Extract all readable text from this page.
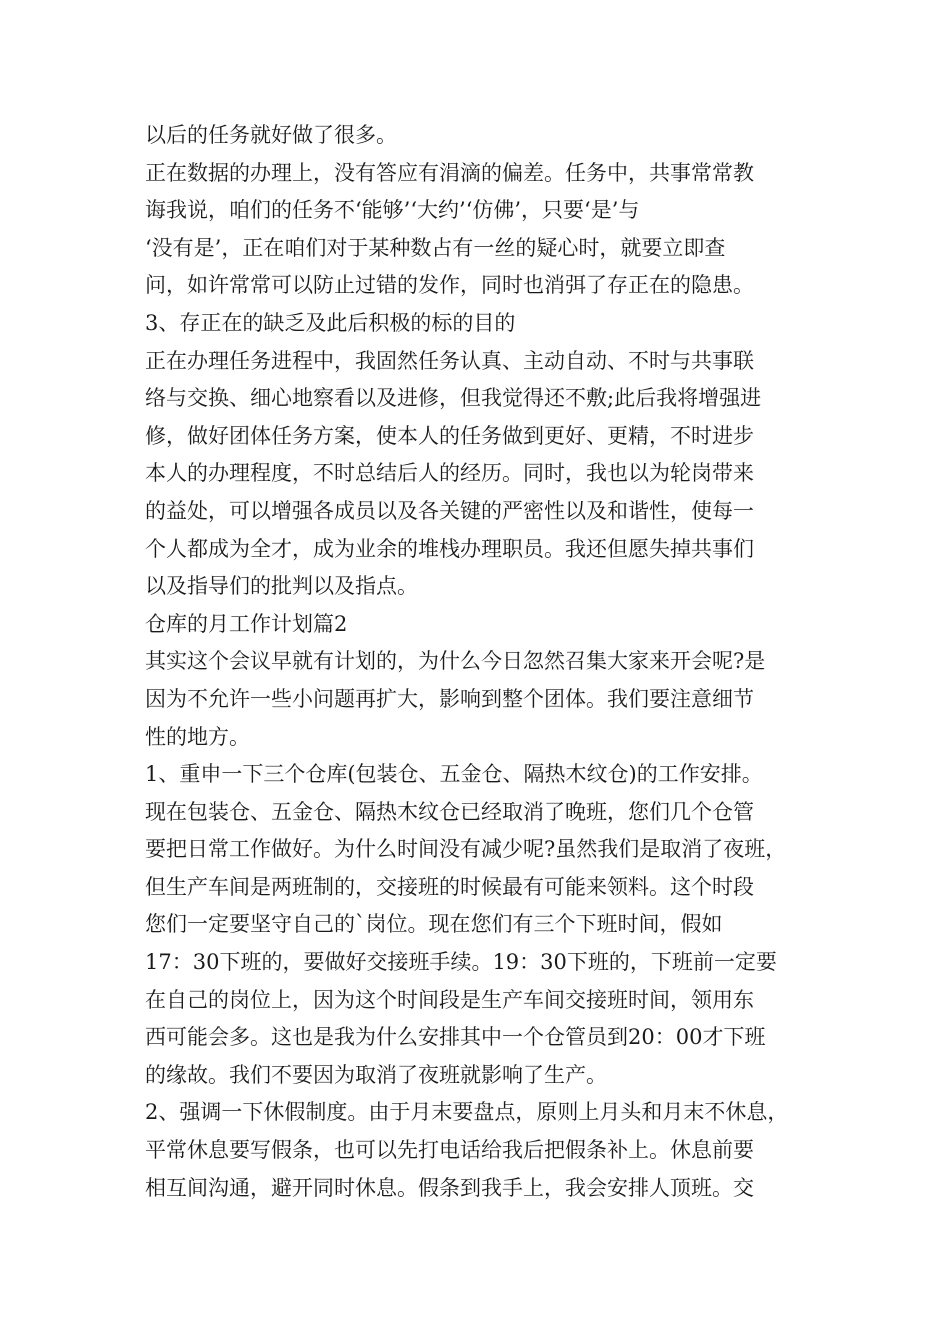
以后的任务就好做了很多。
正在数据的办理上，没有答应有涓滴的偏差。任务中，共事常常教
诲我说，咱们的任务不‘能够’‘大约’‘仿佛’，只要‘是’与
‘没有是’，正在咱们对于某种数占有一丝的疑心时，就要立即查
问，如许常常可以防止过错的发作，同时也消弭了存正在的隐患。
3、存正在的缺乏及此后积极的标的目的
正在办理任务进程中，我固然任务认真、主动自动、不时与共事联
络与交换、细心地察看以及进修，但我觉得还不敷;此后我将增强进
修，做好团体任务方案，使本人的任务做到更好、更精，不时进步
本人的办理程度，不时总结后人的经历。同时，我也以为轮岗带来
的益处，可以增强各成员以及各关键的严密性以及和谐性，使每一
个人都成为全才，成为业余的堆栈办理职员。我还但愿失掉共事们
以及指导们的批判以及指点。
仓库的月工作计划篇2
其实这个会议早就有计划的，为什么今日忽然召集大家来开会呢?是
因为不允许一些小问题再扩大，影响到整个团体。我们要注意细节
性的地方。
1、重申一下三个仓库(包装仓、五金仓、隔热木纹仓)的工作安排。
现在包装仓、五金仓、隔热木纹仓已经取消了晚班，您们几个仓管
要把日常工作做好。为什么时间没有减少呢?虽然我们是取消了夜班，
但生产车间是两班制的，交接班的时候最有可能来领料。这个时段
您们一定要坚守自己的`岗位。现在您们有三个下班时间，假如
17：30下班的，要做好交接班手续。19：30下班的，下班前一定要
在自己的岗位上，因为这个时间段是生产车间交接班时间，领用东
西可能会多。这也是我为什么安排其中一个仓管员到20：00才下班
的缘故。我们不要因为取消了夜班就影响了生产。
2、强调一下休假制度。由于月末要盘点，原则上月头和月末不休息，
平常休息要写假条，也可以先打电话给我后把假条补上。休息前要
相互间沟通，避开同时休息。假条到我手上，我会安排人顶班。交
